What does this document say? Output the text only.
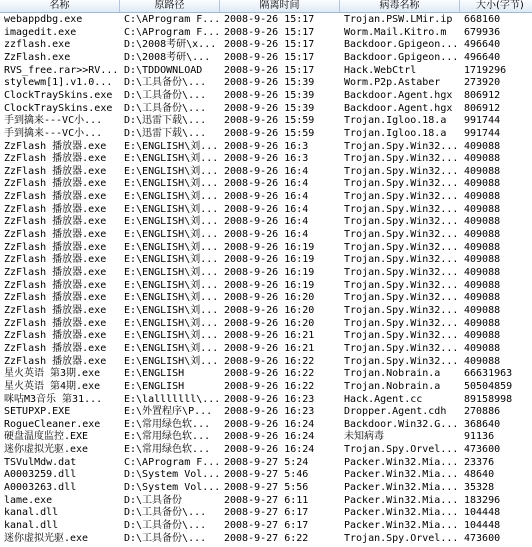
名称	原路径	隔离时间	病毒名称	大小(字节)
webappdbg.exe	C:\AProgram F... 2008-9-26 15:17	Trojan.PSW.LMir.ip	668160
imagedit.exe	C:\AProgram F... 2008-9-26 15:17	Worm.Mail.Kitro.m	679936
zzflash.exe	D:\2008考研\x... 2008-9-26 15:17	Backdoor.Gpigeon... 496640
ZzFlash.exe	D:\2008考研\...	2008-9-26 15:17	Backdoor.Gpigeon... 496640
RVS_free.rar>>RV... D:\TDDOWNLOAD	2008-9-26 15:17	Hack.WebCtrl	1719296
stylewm[1].v1.0...	D:\工具备份\...	2008-9-26 15:39	Worm.P2p.Astaber	273920
ClockTraySkins.exe	D:\工具备份\...	2008-9-26 15:39	Backdoor.Agent.hgx	806912
ClockTraySkins.exe	D:\工具备份\...	2008-9-26 15:39	Backdoor.Agent.hgx	806912
手到擒来---VC小...	D:\迅雷下载\...	2008-9-26 15:59	Trojan.Igloo.18.a	991744
手到擒来---VC小...	D:\迅雷下载\...	2008-9-26 15:59	Trojan.Igloo.18.a	991744
ZzFlash 播放器.exe	E:\ENGLISH\刘... 2008-9-26 16:3	Trojan.Spy.Win32... 409088
ZzFlash 播放器.exe	E:\ENGLISH\刘... 2008-9-26 16:3	Trojan.Spy.Win32... 409088
ZzFlash 播放器.exe	E:\ENGLISH\刘... 2008-9-26 16:4	Trojan.Spy.Win32... 409088
ZzFlash 播放器.exe	E:\ENGLISH\刘... 2008-9-26 16:4	Trojan.Spy.Win32... 409088
ZzFlash 播放器.exe	E:\ENGLISH\刘... 2008-9-26 16:4	Trojan.Spy.Win32... 409088
ZzFlash 播放器.exe	E:\ENGLISH\刘... 2008-9-26 16:4	Trojan.Spy.Win32... 409088
ZzFlash 播放器.exe	E:\ENGLISH\刘... 2008-9-26 16:4	Trojan.Spy.Win32... 409088
ZzFlash 播放器.exe	E:\ENGLISH\刘... 2008-9-26 16:4	Trojan.Spy.Win32... 409088
ZzFlash 播放器.exe	E:\ENGLISH\刘... 2008-9-26 16:19	Trojan.Spy.Win32... 409088
ZzFlash 播放器.exe	E:\ENGLISH\刘... 2008-9-26 16:19	Trojan.Spy.Win32... 409088
ZzFlash 播放器.exe	E:\ENGLISH\刘... 2008-9-26 16:19	Trojan.Spy.Win32... 409088
ZzFlash 播放器.exe	E:\ENGLISH\刘... 2008-9-26 16:19	Trojan.Spy.Win32... 409088
ZzFlash 播放器.exe	E:\ENGLISH\刘... 2008-9-26 16:20	Trojan.Spy.Win32... 409088
ZzFlash 播放器.exe	E:\ENGLISH\刘... 2008-9-26 16:20	Trojan.Spy.Win32... 409088
ZzFlash 播放器.exe	E:\ENGLISH\刘... 2008-9-26 16:20	Trojan.Spy.Win32... 409088
ZzFlash 播放器.exe	E:\ENGLISH\刘... 2008-9-26 16:21	Trojan.Spy.Win32... 409088
ZzFlash 播放器.exe	E:\ENGLISH\刘... 2008-9-26 16:21	Trojan.Spy.Win32... 409088
ZzFlash 播放器.exe	E:\ENGLISH\刘... 2008-9-26 16:22	Trojan.Spy.Win32... 409088
星火英语 第3期.exe	E:\ENGLISH	2008-9-26 16:22	Trojan.Nobrain.a	66631963
星火英语 第4期.exe	E:\ENGLISH	2008-9-26 16:22	Trojan.Nobrain.a	50504859
咪咕M3音乐 第31...	E:\lalllllll\... 2008-9-26 16:23	Hack.Agent.cc	89158998
SETUPXP.EXE	E:\外置程序\P...	2008-9-26 16:23	Dropper.Agent.cdh	270886
RogueCleaner.exe	E:\常用绿色软...	2008-9-26 16:24	Backdoor.Win32.G... 368640
硬盘温度监控.EXE	E:\常用绿色软...	2008-9-26 16:24	未知病毒	91136
迷你虚拟光驱.exe	E:\常用绿色软...	2008-9-26 16:24	Trojan.Spy.Orvel... 473600
TSVulMdw.dat	C:\AProgram F... 2008-9-27 5:24	Packer.Win32.Mia... 23376
A0003259.dll	D:\System Vol... 2008-9-27 5:46	Packer.Win32.Mia... 48640
A0003263.dll	D:\System Vol... 2008-9-27 5:56	Packer.Win32.Mia... 35328
lame.exe	D:\工具备份	2008-9-27 6:11	Packer.Win32.Mia... 183296
kanal.dll	D:\工具备份\...	2008-9-27 6:17	Packer.Win32.Mia... 104448
kanal.dll	D:\工具备份\...	2008-9-27 6:17	Packer.Win32.Mia... 104448
迷你虚拟光驱.exe	D:\工具备份\...	2008-9-27 6:22	Trojan.Spy.Orvel... 473600
